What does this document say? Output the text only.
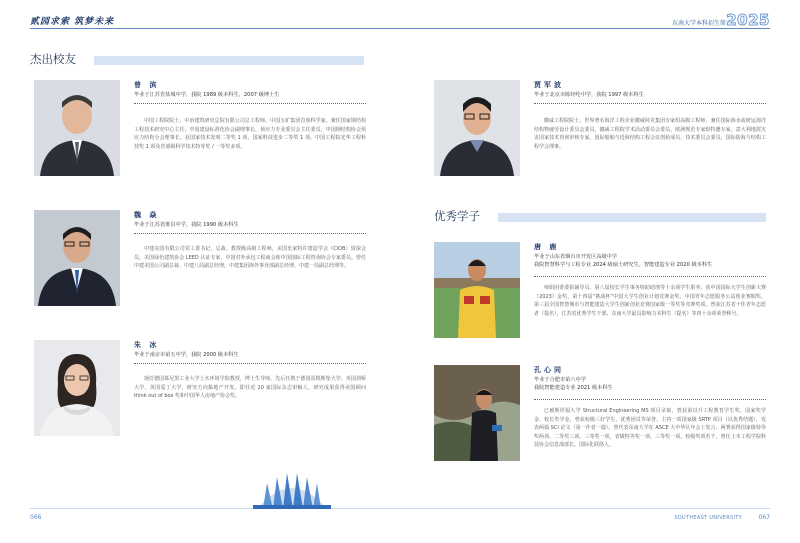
贰园求索 筑梦未来
杰出校友
曾 滨
毕业于江苏省盐城中学，我院 1989 级本科生，2007 级博士生
中国工程院院士，中冶建筑研究总院有限公司总工程师、中国五矿集团首席科学家。兼任国家钢结构工程技术研究中心主任、中国建设标准化协会副理事长、预应力专业委员会主任委员、中国钢结构协会预应力结构分会理事长。获国家技术发明二等奖 1 项、国家科技进步二等奖 1 项、中国工程院光华工程科技奖 1 项及省部级科学技术特等奖 / 一等奖多项。
魏 焱
毕业于江苏省淮县中学，我院 1990 级本科生
中建美国有限公司党工委书记、总裁。教授级高级工程师，美国皇家特许建造学会（CIOB）资深会员，美国绿色建筑协会 LEED 认证专家，中国对外承包工程商会和中国国际工程咨询协会专家委员。曾任中建美国公司副总裁、中建八局副总经理，中建集团海外事业部副总经理、中建一局副总经理等。
朱 冰
毕业于南京市第五中学，我院 2000 级本科生
现任德国慕尼黑工业大学土木环境学院教授，博士生导师。先后任教于德国雷根斯堡大学、英国剑桥大学、英国爱丁大学，研究方向黏地产开发。即任近 20 家国际杂志审稿人，研究成果获得美国顾问 think out of box 奖和中国华人房地产协会奖。
066
东南大学本科招生简章
2025
贾军波
毕业于北京市陈经纶中学，我院 1997 级本科生
徽威工程院院士，世界著名海洋工程企业徽威阿克集团专家组高级工程师，兼任国际海水或研运海洋结构物疲劳设计委员会委员，挪威工程院学术活动委员会委员、欧洲规范专家组特邀专家，意大利地震灾害国家技术咨询审核专家，国际船舶与近海结构工程会议创始成员，技术委员会委员，国际防海与结构工程学会理事。
优秀学子
唐 鹿
毕业于山东省烟台市开发区高级中学
我院智慧科学与工程专业 2024 级硕士研究生，智能建造专业 2020 级本科生
师姐团委委影铺导员、第八届校长学生事务特助助理等十余项学生职务；获中国国际大学生创新大赛（2023）金奖、第十四届“挑战杯”中国大学生创业计划竞赛金奖、中国青年志愿服务公益创业赛铜奖、第三届全国智慧城市与智能建造大学生创新创业竞赛国家级一等奖等竞赛奖项。曾获江苏省十佳青年志愿者（提名），江苏省优秀学生干部、东南大学最具影响力本科生（提名）等四十余项荣誉称号。
孔心同
毕业于合肥市第六中学
我院智能建造专业 2021 级本科生
已被斯坦福大学 Structural Engineering MS 项目录取，曾获第以升工程教育学生奖、国家奖学金、校长奖学金，曾获校级三好学生、优秀团员等荣誉。主持一项国家级 SRTP 项目（以优秀结题），发表两篇 SCI 论文（第一作者一篇）。曾代表东南大学在 ASCE 大中华区年会上发言，两赛获得国家级特等奖两项、二等奖三项、三等奖一项，省级特等奖一项、三等奖一项，校级奖项若干，曾任土木工程学院科技协会信息部部长、国际化联络人。
SOUTHEAST UNIVERSITY	067
